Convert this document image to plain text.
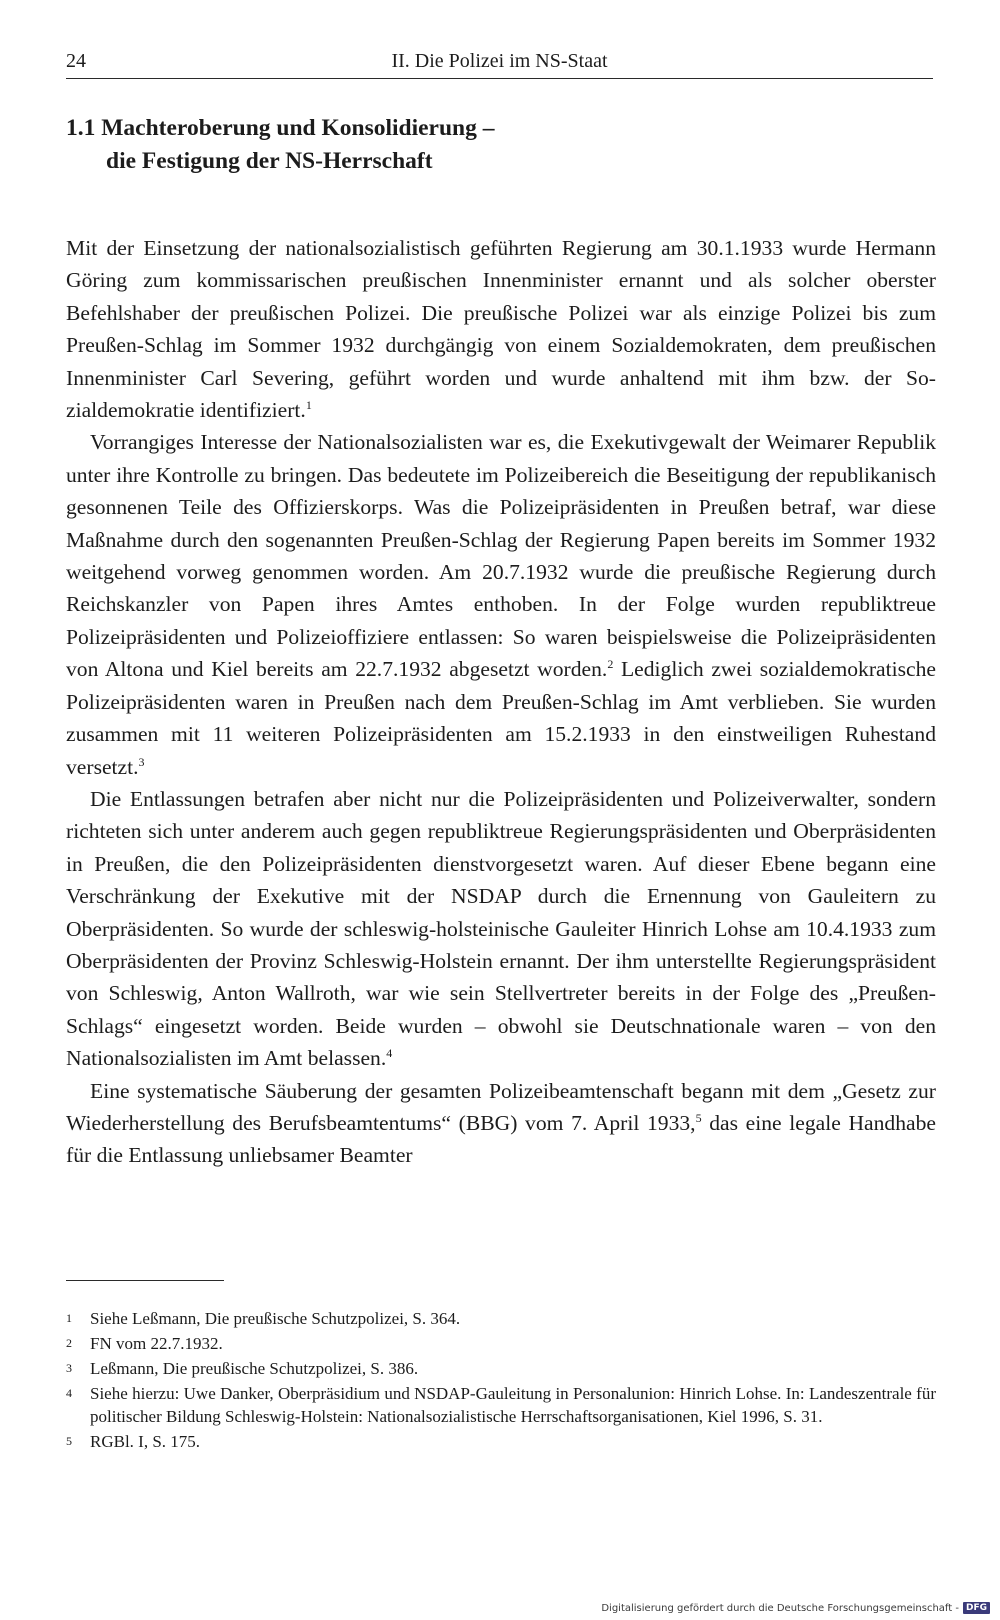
24	II. Die Polizei im NS-Staat
1.1 Machteroberung und Konsolidierung –
die Festigung der NS-Herrschaft

Mit der Einsetzung der nationalsozialistisch geführten Regierung am 30.1.1933 wurde Hermann Göring zum kommissarischen preußischen Innenminister ernannt und als solcher oberster Befehlshaber der preußischen Polizei. Die preußische Polizei war als einzige Polizei bis zum Preußen-Schlag im Sommer 1932 durchgängig von einem Sozialdemokraten, dem preußischen Innenminister Carl Severing, geführt worden und wurde anhaltend mit ihm bzw. der Sozialdemokratie identifiziert.$^1$

Vorrangiges Interesse der Nationalsozialisten war es, die Exekutivgewalt der Weimarer Republik unter ihre Kontrolle zu bringen. Das bedeutete im Polizeibereich die Beseitigung der republikanisch gesonnenen Teile des Offizierskorps. Was die Polizeipräsidenten in Preußen betraf, war diese Maßnahme durch den sogenannten Preußen-Schlag der Regierung Papen bereits im Sommer 1932 weitgehend vorweg genommen worden. Am 20.7.1932 wurde die preußische Regierung durch Reichskanzler von Papen ihres Amtes enthoben. In der Folge wurden republiktreue Polizeipräsidenten und Polizeioffiziere entlassen: So waren beispielsweise die Polizeipräsidenten von Altona und Kiel bereits am 22.7.1932 abgesetzt worden.$^2$ Lediglich zwei sozialdemokratische Polizeipräsidenten waren in Preußen nach dem Preußen-Schlag im Amt verblieben. Sie wurden zusammen mit 11 weiteren Polizeipräsidenten am 15.2.1933 in den einstweiligen Ruhestand versetzt.$^3$

Die Entlassungen betrafen aber nicht nur die Polizeipräsidenten und Polizeiverwalter, sondern richteten sich unter anderem auch gegen republiktreue Regierungspräsidenten und Oberpräsidenten in Preußen, die den Polizeipräsidenten dienstvorgesetzt waren. Auf dieser Ebene begann eine Verschränkung der Exekutive mit der NSDAP durch die Ernennung von Gauleitern zu Oberpräsidenten. So wurde der schleswig-holsteinische Gauleiter Hinrich Lohse am 10.4.1933 zum Oberpräsidenten der Provinz Schleswig-Holstein ernannt. Der ihm unterstellte Regierungspräsident von Schleswig, Anton Wallroth, war wie sein Stellvertreter bereits in der Folge des „Preußen-Schlags“ eingesetzt worden. Beide wurden – obwohl sie Deutschnationale waren – von den Nationalsozialisten im Amt belassen.$^4$

Eine systematische Säuberung der gesamten Polizeibeamtenschaft begann mit dem „Gesetz zur Wiederherstellung des Berufsbeamtentums“ (BBG) vom 7. April 1933,$^5$ das eine legale Handhabe für die Entlassung unliebsamer Beamter

1 Siehe Leßmann, Die preußische Schutzpolizei, S. 364.

2 FN vom 22.7.1932.

3 Leßmann, Die preußische Schutzpolizei, S. 386.

4 Siehe hierzu: Uwe Danker, Oberpräsidium und NSDAP-Gauleitung in Personalunion: Hinrich Lohse. In: Landeszentrale für politischer Bildung Schleswig-Holstein: Nationalsozialistische Herrschaftsorganisationen, Kiel 1996, S. 31.

5 RGBl. I, S. 175.

Digitalisierung gefördert durch die Deutsche Forschungsgemeinschaft - DFG
